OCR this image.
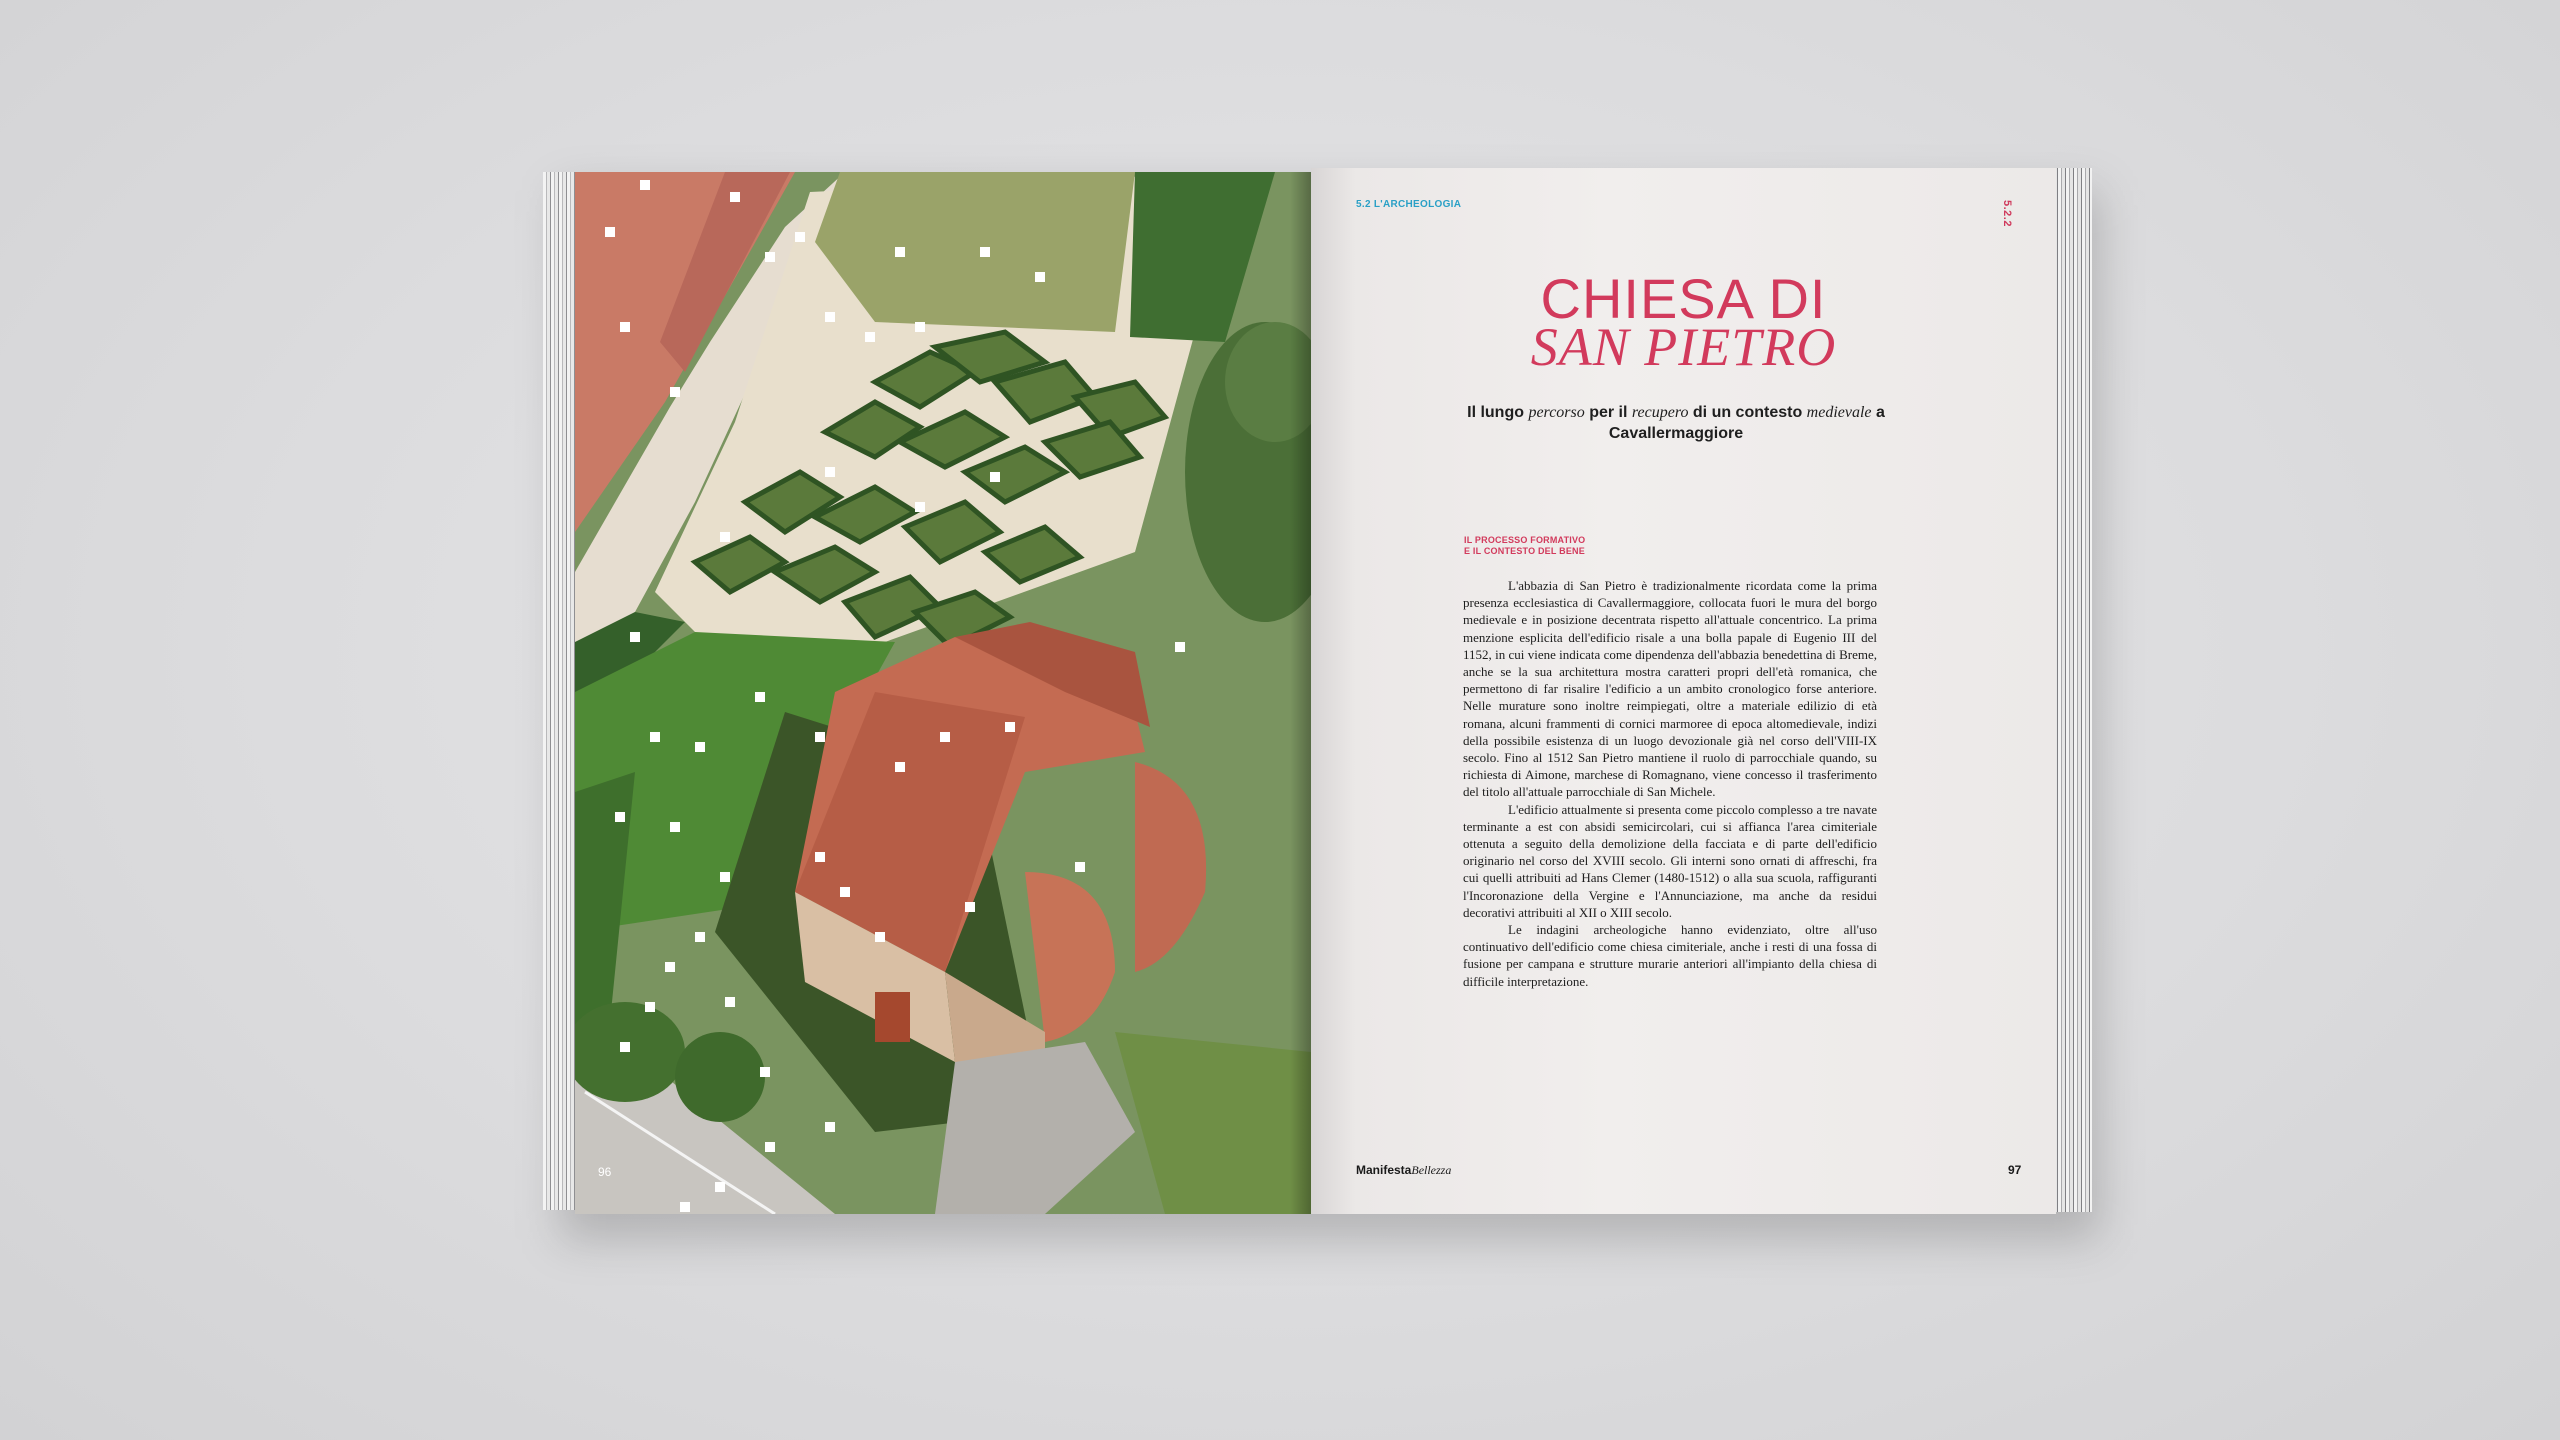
96
5.2 L'ARCHEOLOGIA	5.2.2
CHIESA DI
SAN PIETRO
Il lungo percorso per il recupero di un contesto medievale a Cavallermaggiore
IL PROCESSO FORMATIVO
E IL CONTESTO DEL BENE

L'abbazia di San Pietro è tradizionalmente ricordata come la prima presenza ecclesiastica di Cavallermaggiore, collocata fuori le mura del borgo medievale e in posizione decentrata rispetto all'attuale concentrico. La prima menzione esplicita dell'edificio risale a una bolla papale di Eugenio III del 1152, in cui viene indicata come dipendenza dell'abbazia benedettina di Breme, anche se la sua architettura mostra caratteri propri dell'età romanica, che permettono di far risalire l'edificio a un ambito cronologico forse anteriore. Nelle murature sono inoltre reimpiegati, oltre a materiale edilizio di età romana, alcuni frammenti di cornici marmoree di epoca altomedievale, indizi della possibile esistenza di un luogo devozionale già nel corso dell'VIII-IX secolo. Fino al 1512 San Pietro mantiene il ruolo di parrocchiale quando, su richiesta di Aimone, marchese di Romagnano, viene concesso il trasferimento del titolo all'attuale parrocchiale di San Michele.

L'edificio attualmente si presenta come piccolo complesso a tre navate terminante a est con absidi semicircolari, cui si affianca l'area cimiteriale ottenuta a seguito della demolizione della facciata e di parte dell'edificio originario nel corso del XVIII secolo. Gli interni sono ornati di affreschi, fra cui quelli attribuiti ad Hans Clemer (1480-1512) o alla sua scuola, raffiguranti l'Incoronazione della Vergine e l'Annunciazione, ma anche da residui decorativi attribuiti al XII o XIII secolo.

Le indagini archeologiche hanno evidenziato, oltre all'uso continuativo dell'edificio come chiesa cimiteriale, anche i resti di una fossa di fusione per campana e strutture murarie anteriori all'impianto della chiesa di difficile interpretazione.

ManifestaBellezza	97
